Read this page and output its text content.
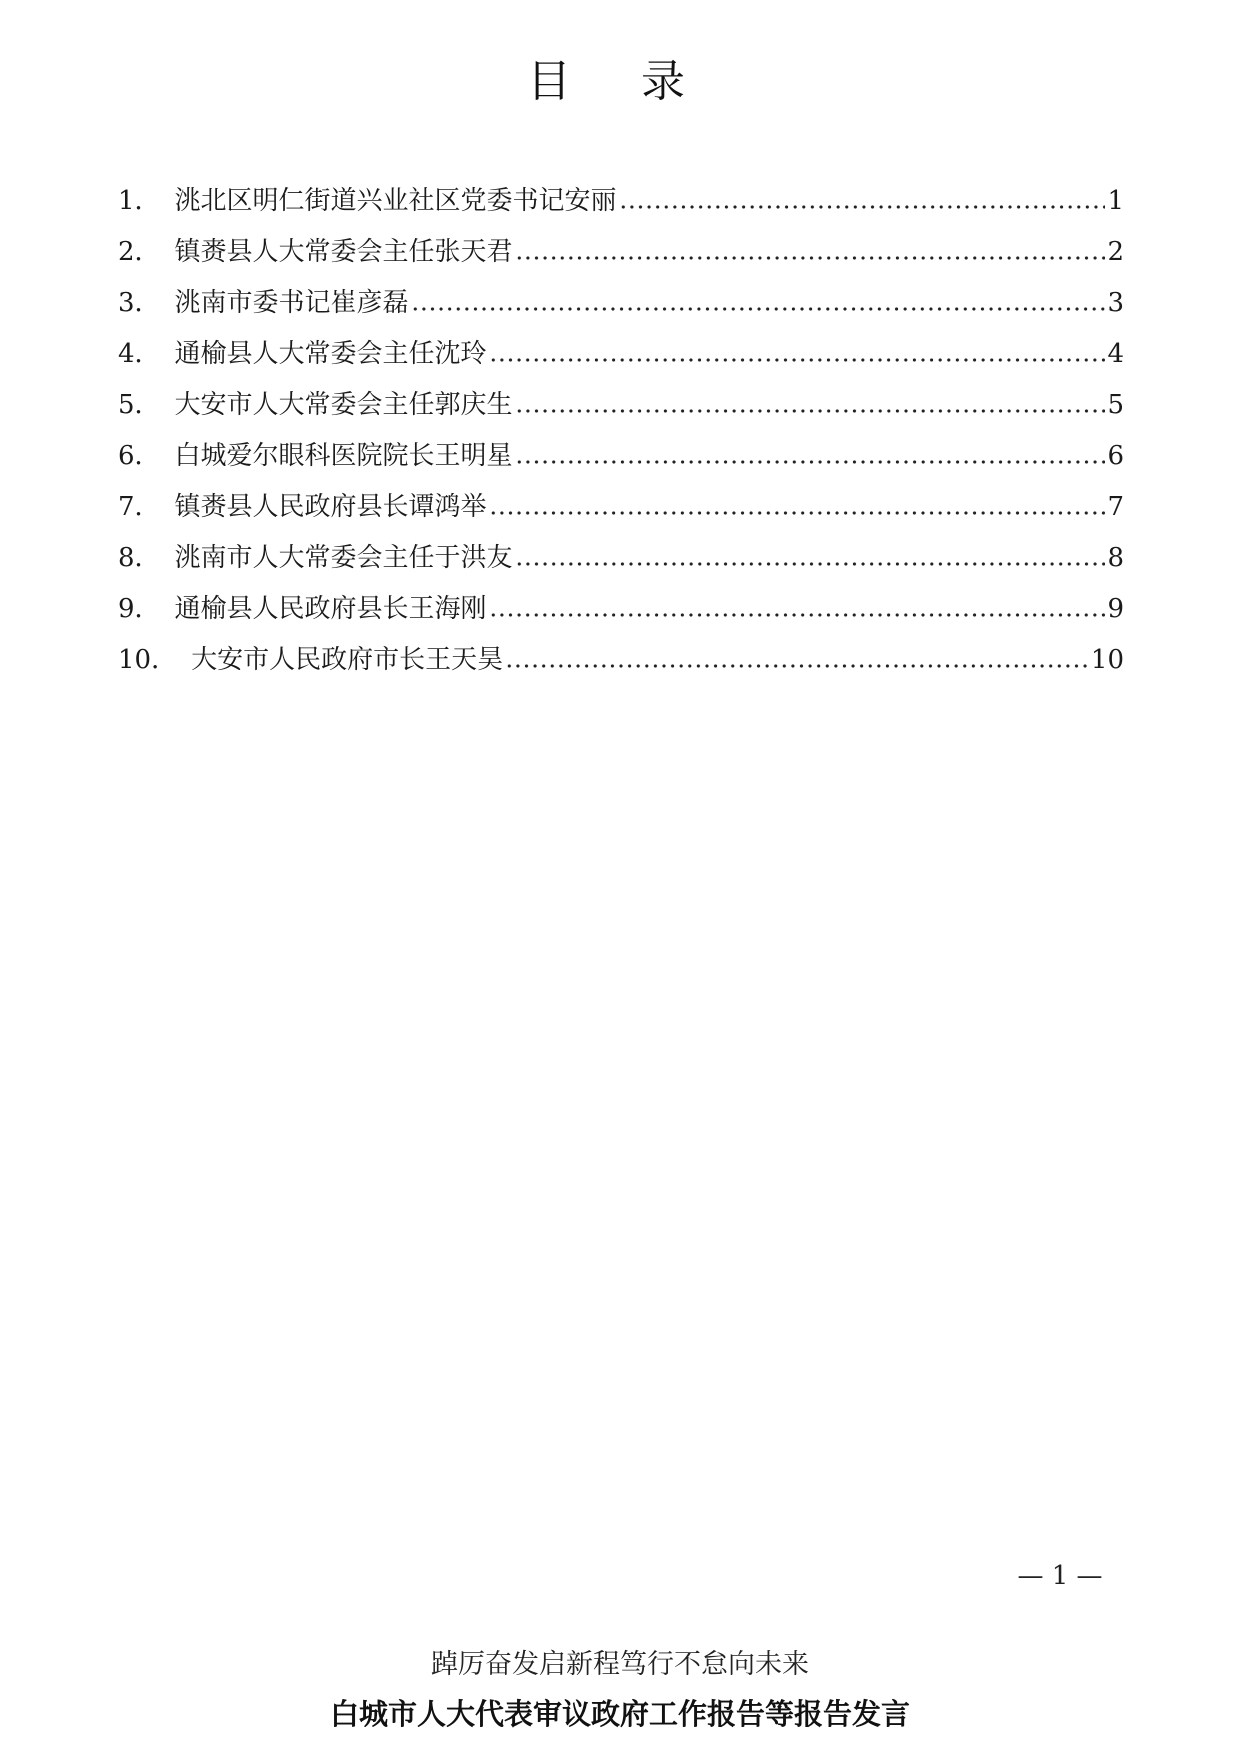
目 录
1． 洮北区明仁街道兴业社区党委书记安丽	1
2． 镇赉县人大常委会主任张天君	2
3． 洮南市委书记崔彦磊	3
4． 通榆县人大常委会主任沈玲	4
5． 大安市人大常委会主任郭庆生	5
6． 白城爱尔眼科医院院长王明星	6
7． 镇赉县人民政府县长谭鸿举	7
8． 洮南市人大常委会主任于洪友	8
9． 通榆县人民政府县长王海刚	9
10． 大安市人民政府市长王天昊	10
— 1 —
踔厉奋发启新程笃行不怠向未来
白城市人大代表审议政府工作报告等报告发言
